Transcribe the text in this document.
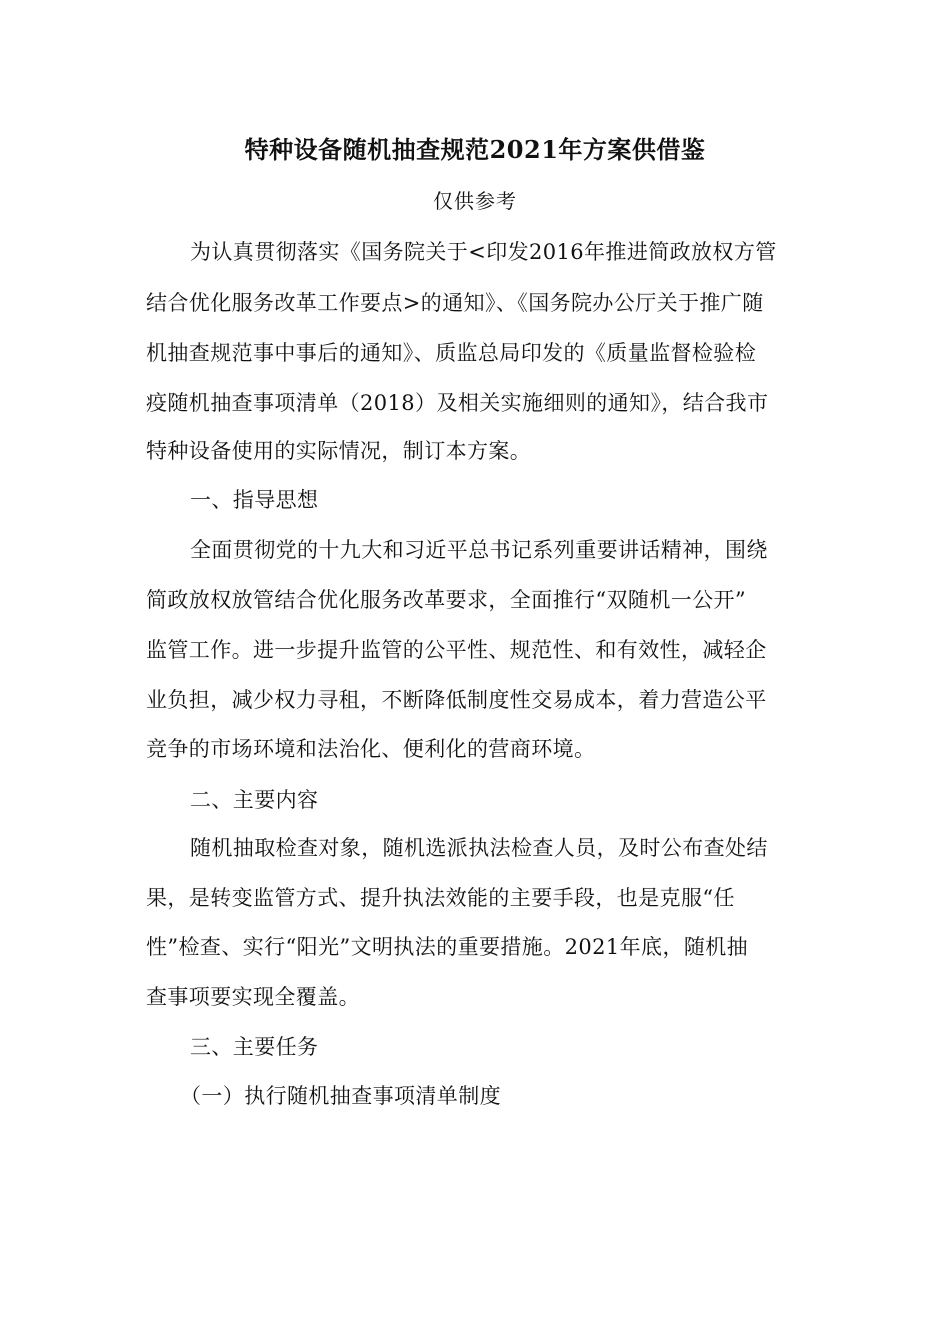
特种设备随机抽查规范2021年方案供借鉴
仅供参考
为认真贯彻落实《国务院关于<印发2016年推进简政放权方管
结合优化服务改革工作要点>的通知》、《国务院办公厅关于推广随
机抽查规范事中事后的通知》、质监总局印发的《质量监督检验检
疫随机抽查事项清单（2018）及相关实施细则的通知》，结合我市
特种设备使用的实际情况，制订本方案。
一、指导思想
全面贯彻党的十九大和习近平总书记系列重要讲话精神，围绕
简政放权放管结合优化服务改革要求，全面推行“双随机一公开”
监管工作。进一步提升监管的公平性、规范性、和有效性，减轻企
业负担，减少权力寻租，不断降低制度性交易成本，着力营造公平
竞争的市场环境和法治化、便利化的营商环境。
二、主要内容
随机抽取检查对象，随机选派执法检查人员，及时公布查处结
果，是转变监管方式、提升执法效能的主要手段，也是克服“任
性”检查、实行“阳光”文明执法的重要措施。2021年底，随机抽
查事项要实现全覆盖。
三、主要任务
（一）执行随机抽查事项清单制度
